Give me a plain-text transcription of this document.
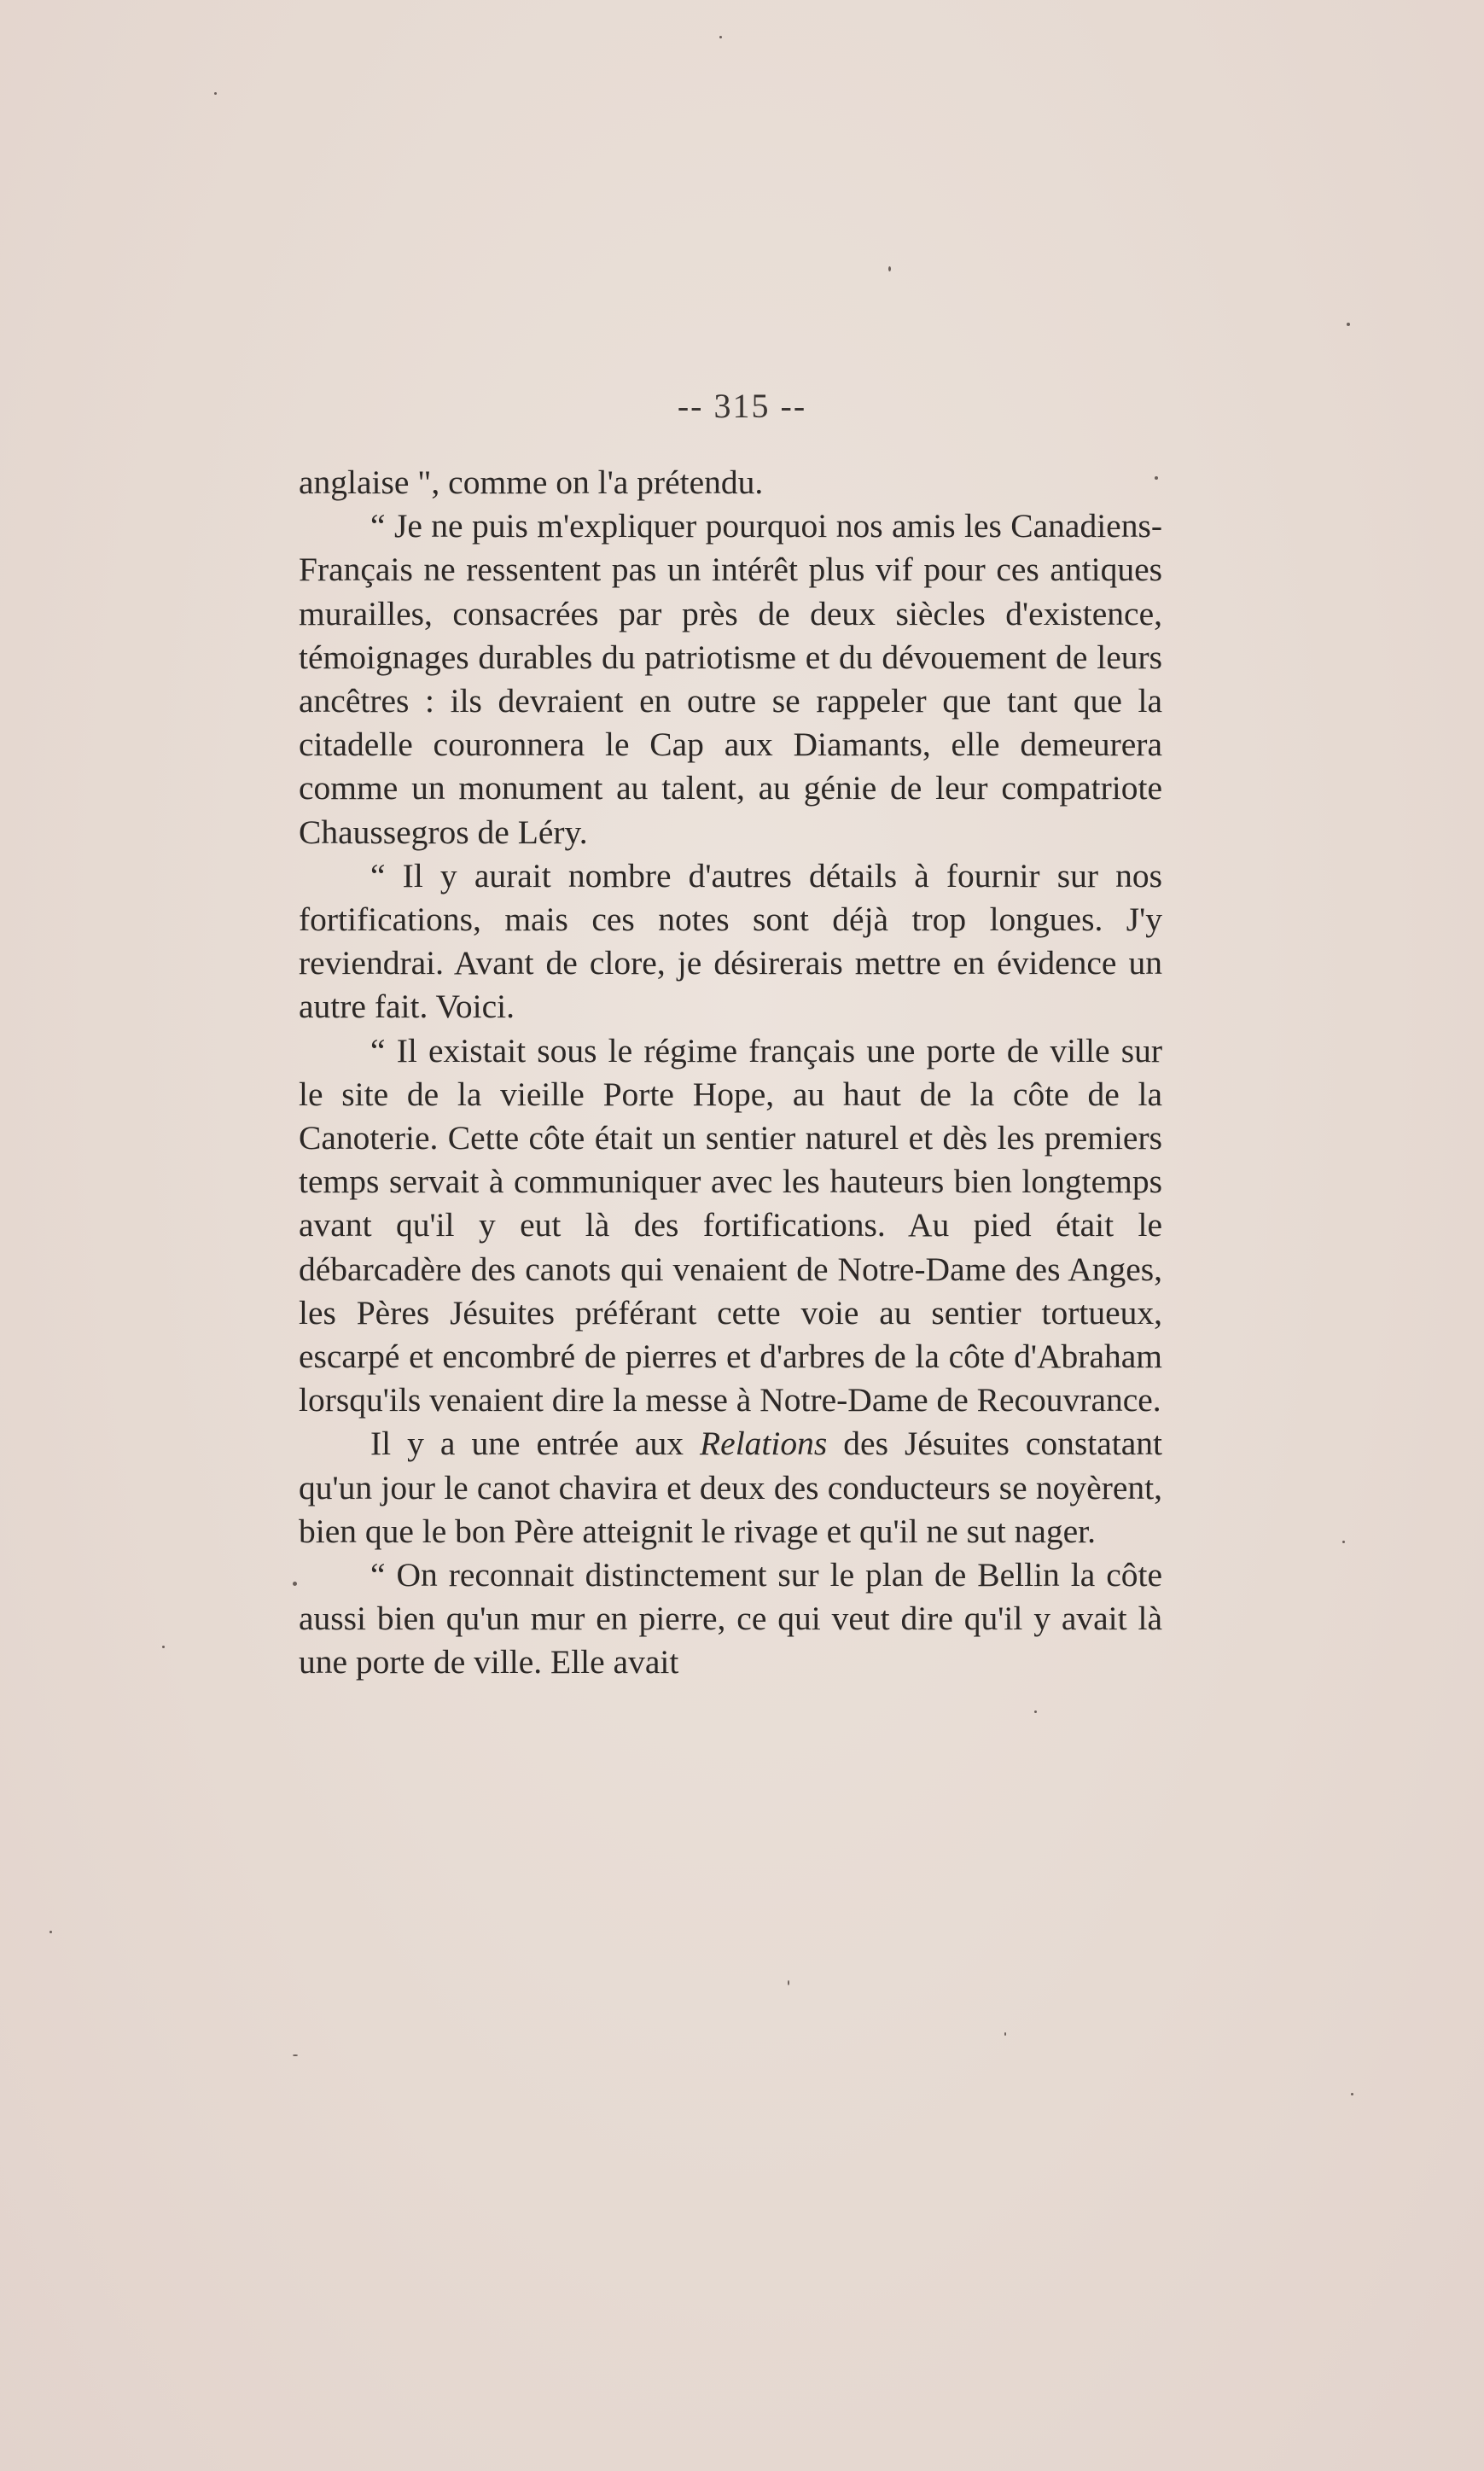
-- 315 --

anglaise ", comme on l'a prétendu.

“ Je ne puis m'expliquer pourquoi nos amis les Canadiens-Français ne ressentent pas un intérêt plus vif pour ces antiques murailles, consacrées par près de deux siècles d'existence, témoignages durables du patriotisme et du dévouement de leurs ancêtres : ils devraient en outre se rappeler que tant que la citadelle couronnera le Cap aux Diamants, elle demeurera comme un monument au talent, au génie de leur compatriote Chaussegros de Léry.

“ Il y aurait nombre d'autres détails à fournir sur nos fortifications, mais ces notes sont déjà trop longues. J'y reviendrai. Avant de clore, je désirerais mettre en évidence un autre fait. Voici.

“ Il existait sous le régime français une porte de ville sur le site de la vieille Porte Hope, au haut de la côte de la Canoterie. Cette côte était un sentier naturel et dès les premiers temps servait à communiquer avec les hauteurs bien longtemps avant qu'il y eut là des fortifications. Au pied était le débarcadère des canots qui venaient de Notre-Dame des Anges, les Pères Jésuites préférant cette voie au sentier tortueux, escarpé et encombré de pierres et d'arbres de la côte d'Abraham lorsqu'ils venaient dire la messe à Notre-Dame de Recouvrance.

Il y a une entrée aux Relations des Jésuites constatant qu'un jour le canot chavira et deux des conducteurs se noyèrent, bien que le bon Père atteignit le rivage et qu'il ne sut nager.

“ On reconnait distinctement sur le plan de Bellin la côte aussi bien qu'un mur en pierre, ce qui veut dire qu'il y avait là une porte de ville. Elle avait
